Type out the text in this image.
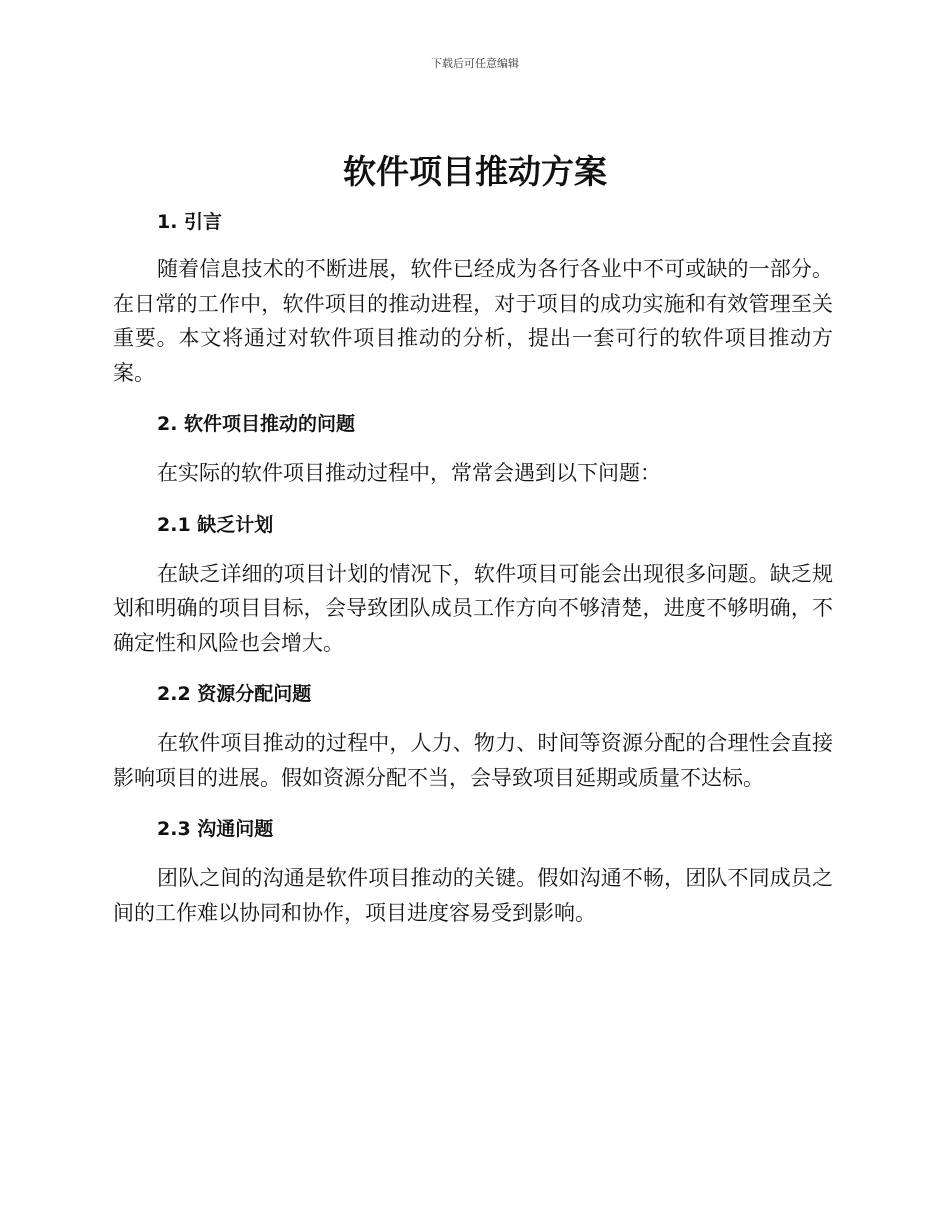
下载后可任意编辑
软件项目推动方案

1. 引言

随着信息技术的不断进展，软件已经成为各行各业中不可或缺的一部分。在日常的工作中，软件项目的推动进程，对于项目的成功实施和有效管理至关重要。本文将通过对软件项目推动的分析，提出一套可行的软件项目推动方案。

2. 软件项目推动的问题

在实际的软件项目推动过程中，常常会遇到以下问题：

2.1 缺乏计划

在缺乏详细的项目计划的情况下，软件项目可能会出现很多问题。缺乏规划和明确的项目目标，会导致团队成员工作方向不够清楚，进度不够明确，不确定性和风险也会增大。

2.2 资源分配问题

在软件项目推动的过程中，人力、物力、时间等资源分配的合理性会直接影响项目的进展。假如资源分配不当，会导致项目延期或质量不达标。

2.3 沟通问题

团队之间的沟通是软件项目推动的关键。假如沟通不畅，团队不同成员之间的工作难以协同和协作，项目进度容易受到影响。
